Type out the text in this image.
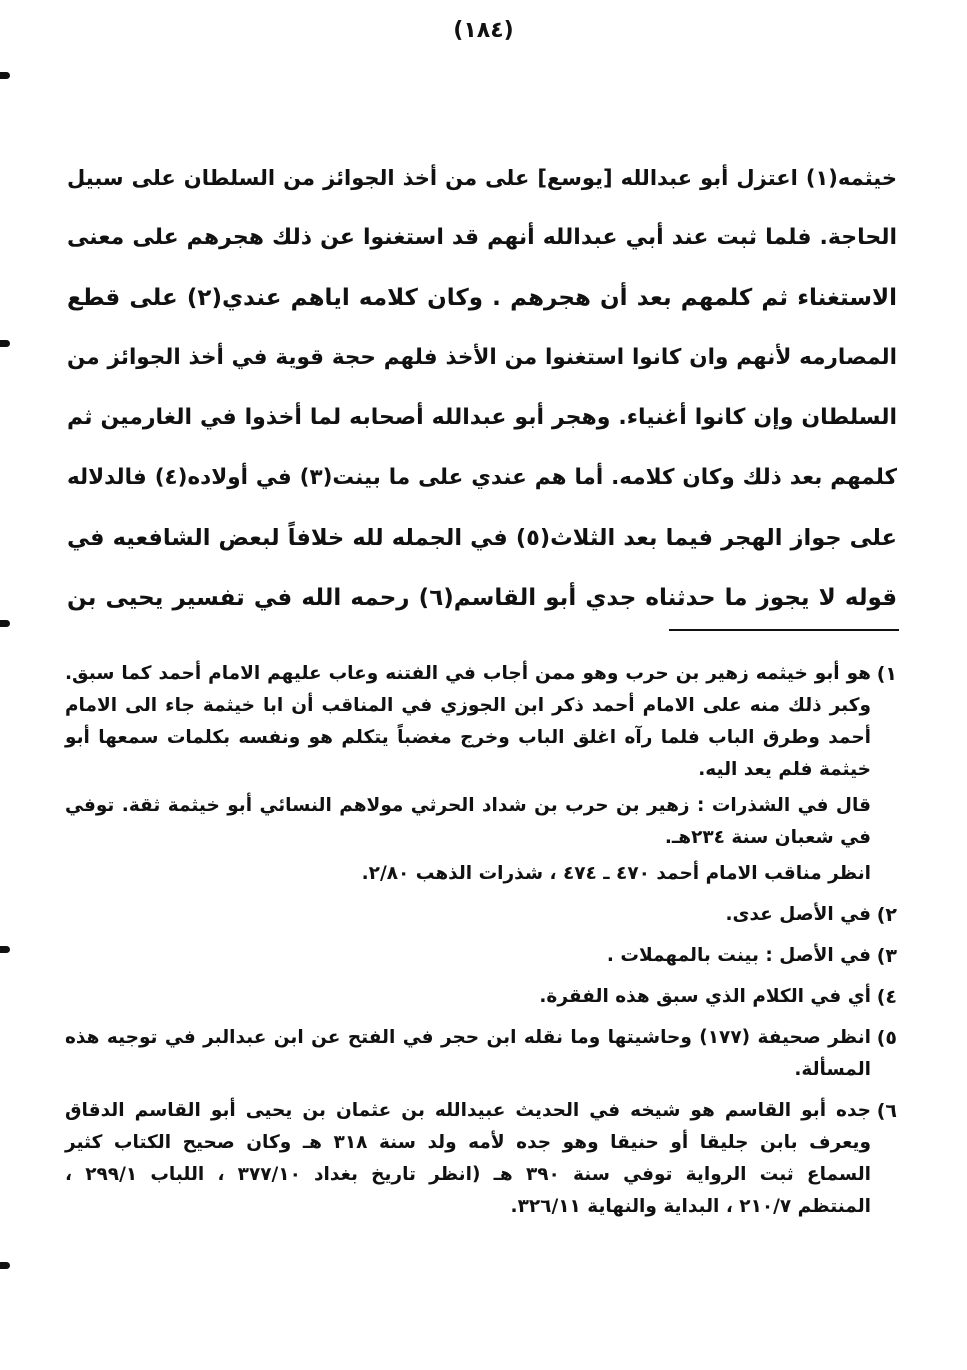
(١٨٤)
خيثمه(١) اعتزل أبو عبدالله [يوسع] على من أخذ الجوائز من السلطان على سبيل
الحاجة. فلما ثبت عند أبي عبدالله أنهم قد استغنوا عن ذلك هجرهم على معنى
الاستغناء ثم كلمهم بعد أن هجرهم . وكان كلامه اياهم عندي(٢) على قطع
المصارمه لأنهم وان كانوا استغنوا من الأخذ فلهم حجة قوية في أخذ الجوائز من
السلطان وإن كانوا أغنياء. وهجر أبو عبدالله أصحابه لما أخذوا في الغارمين ثم
كلمهم بعد ذلك وكان كلامه. أما هم عندي على ما بينت(٣) في أولاده(٤) فالدلاله
على جواز الهجر فيما بعد الثلاث(٥) في الجمله لله خلافاً لبعض الشافعيه في
قوله لا يجوز ما حدثناه جدي أبو القاسم(٦) رحمه الله في تفسير يحيى بن
١)
هو أبو خيثمه زهير بن حرب وهو ممن أجاب في الفتنه وعاب عليهم الامام أحمد كما سبق.
وكبر ذلك منه على الامام أحمد ذكر ابن الجوزي في المناقب أن ابا خيثمة جاء الى الامام
أحمد وطرق الباب فلما رآه اغلق الباب وخرج مغضباً يتكلم هو ونفسه بكلمات سمعها أبو
خيثمة فلم يعد اليه.
قال في الشذرات : زهير بن حرب بن شداد الحرثي مولاهم النسائي أبو خيثمة ثقة. توفي
في شعبان سنة ٢٣٤هـ.
انظر مناقب الامام أحمد ٤٧٠ ـ ٤٧٤ ، شذرات الذهب ٢/٨٠.
٢)
في الأصل عدى.
٣)
في الأصل : بينت بالمهملات .
٤)
أي في الكلام الذي سبق هذه الفقرة.
٥)
انظر صحيفة (١٧٧) وحاشيتها وما نقله ابن حجر في الفتح عن ابن عبدالبر في توجيه هذه
المسألة.
٦)
جده أبو القاسم هو شيخه في الحديث عبيدالله بن عثمان بن يحيى أبو القاسم الدقاق
ويعرف بابن جليقا أو حنيقا وهو جده لأمه ولد سنة ٣١٨ هـ وكان صحيح الكتاب كثير
السماع ثبت الرواية توفي سنة ٣٩٠ هـ (انظر تاريخ بغداد ٣٧٧/١٠ ، اللباب ٢٩٩/١ ،
المنتظم ٢١٠/٧ ، البداية والنهاية ٣٢٦/١١.
